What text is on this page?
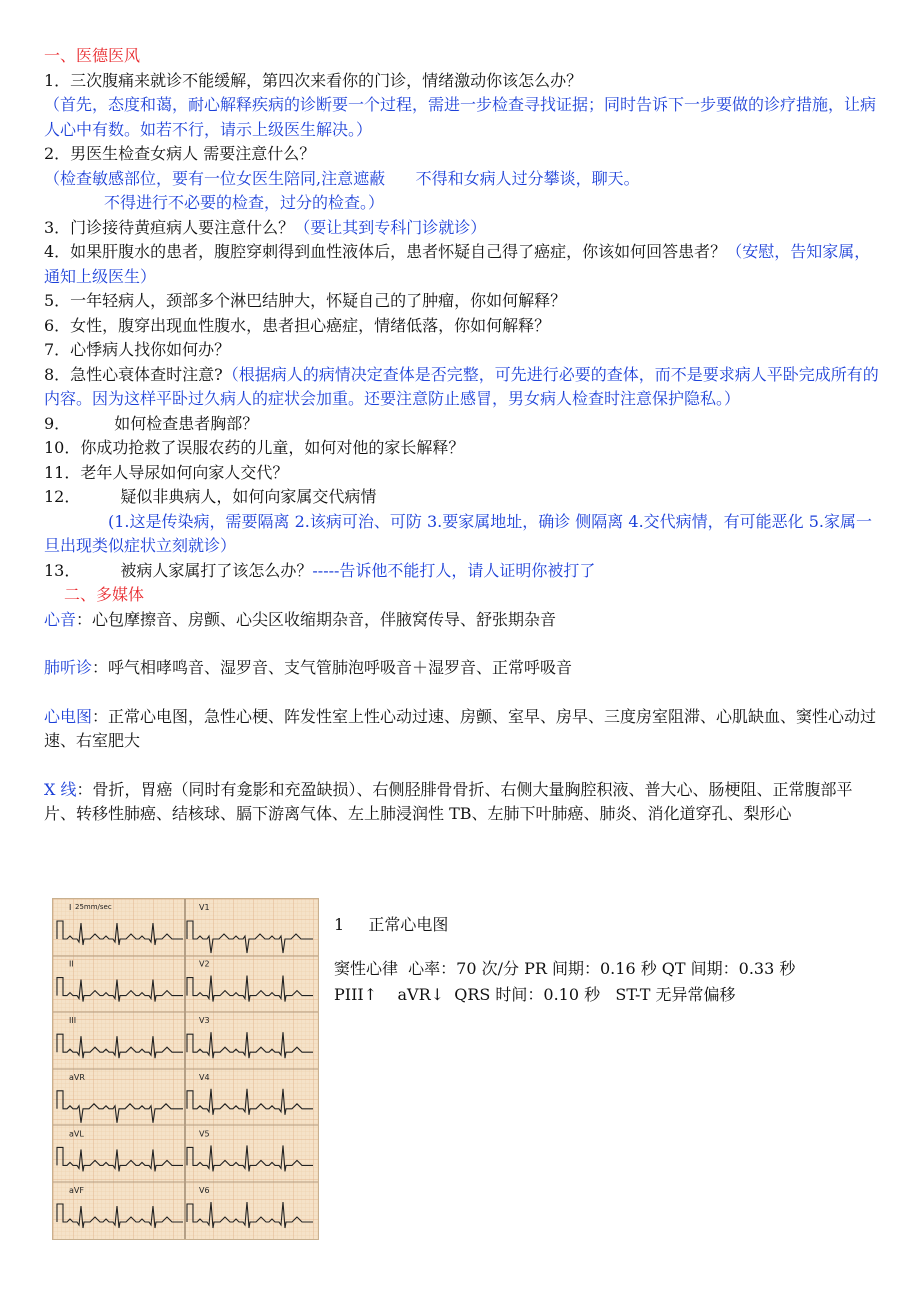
一、医德医风
1．三次腹痛来就诊不能缓解，第四次来看你的门诊，情绪激动你该怎么办？
（首先，态度和蔼，耐心解释疾病的诊断要一个过程，需进一步检查寻找证据；同时告诉下一步要做的诊疗措施，让病人心中有数。如若不行，请示上级医生解决。）
2．男医生检查女病人 需要注意什么？
（检查敏感部位，要有一位女医生陪同,注意遮蔽      不得和女病人过分攀谈，聊天。
不得进行不必要的检查，过分的检查。）
3．门诊接待黄疸病人要注意什么？（要让其到专科门诊就诊）
4．如果肝腹水的患者，腹腔穿刺得到血性液体后，患者怀疑自己得了癌症，你该如何回答患者？（安慰，告知家属，通知上级医生）
5．一年轻病人，颈部多个淋巴结肿大，怀疑自己的了肿瘤，你如何解释？
6．女性，腹穿出现血性腹水，患者担心癌症，情绪低落，你如何解释？
7．心悸病人找你如何办？
8．急性心衰体查时注意?（根据病人的病情决定查体是否完整，可先进行必要的查体，而不是要求病人平卧完成所有的内容。因为这样平卧过久病人的症状会加重。还要注意防止感冒，男女病人检查时注意保护隐私。）
9．	如何检查患者胸部？
10．你成功抢救了误服农药的儿童，如何对他的家长解释？
11．老年人导尿如何向家人交代？
12．	疑似非典病人，如何向家属交代病情
(1.这是传染病，需要隔离 2.该病可治、可防 3.要家属地址，确诊 侧隔离 4.交代病情，有可能恶化 5.家属一旦出现类似症状立刻就诊）
13．	被病人家属打了该怎么办？-----告诉他不能打人，请人证明你被打了
二、多媒体
心音：心包摩擦音、房颤、心尖区收缩期杂音，伴腋窝传导、舒张期杂音
肺听诊：呼气相哮鸣音、湿罗音、支气管肺泡呼吸音＋湿罗音、正常呼吸音
心电图：正常心电图，急性心梗、阵发性室上性心动过速、房颤、室早、房早、三度房室阻滞、心肌缺血、窦性心动过速、右室肥大
X 线：骨折，胃癌（同时有龛影和充盈缺损）、右侧胫腓骨骨折、右侧大量胸腔积液、普大心、肠梗阻、正常腹部平片、转移性肺癌、结核球、膈下游离气体、左上肺浸润性 TB、左肺下叶肺癌、肺炎、消化道穿孔、梨形心
I	V1
II	V2
III	V3
aVR	V4
aVL	V5
aVF	V6
25mm/sec
1 正常心电图
窦性心律  心率：70 次/分 PR 间期：0.16 秒 QT 间期：0.33 秒
PIII↑    aVR↓  QRS 时间：0.10 秒   ST-T 无异常偏移
